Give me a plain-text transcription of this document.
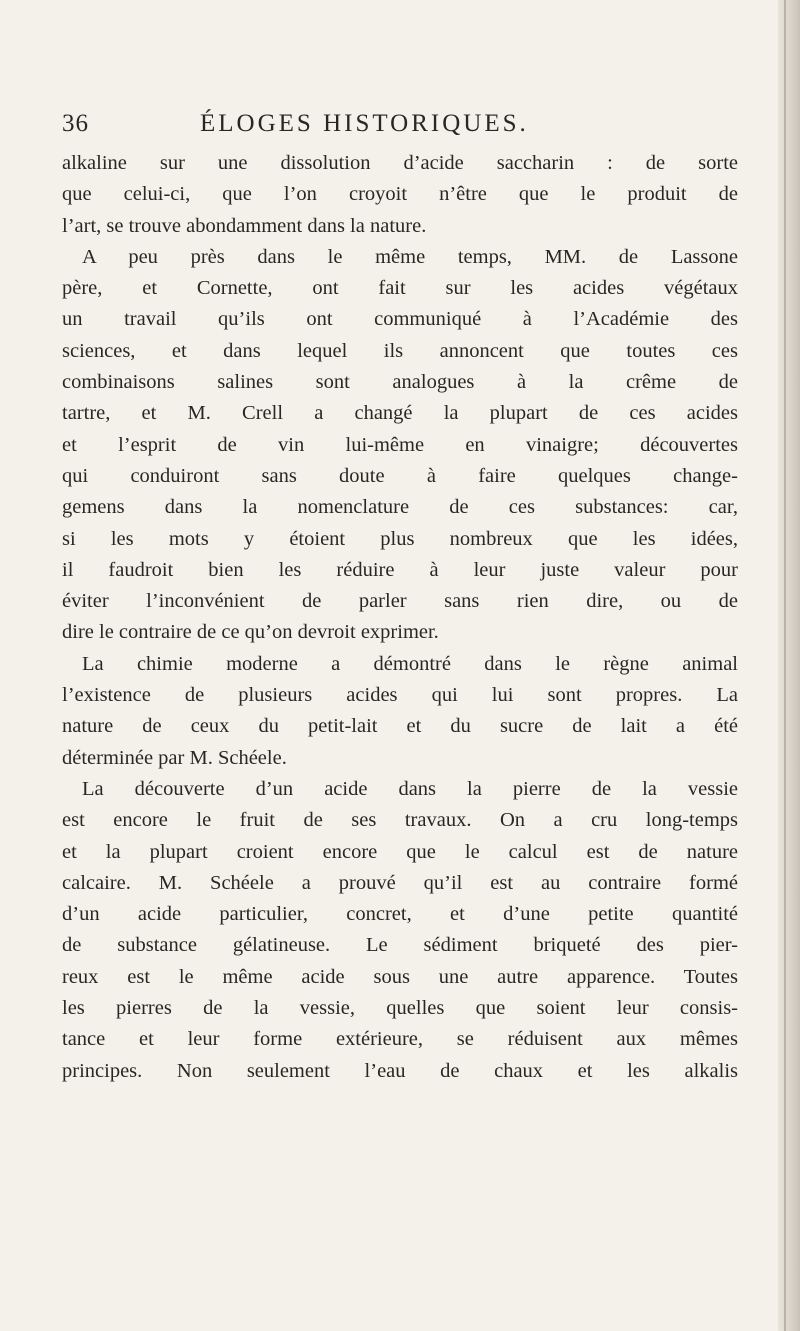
36	ÉLOGES HISTORIQUES.
alkaline sur une dissolution d’acide saccharin : de sorte
que celui-ci, que l’on croyoit n’être que le produit de
l’art, se trouve abondamment dans la nature.
A peu près dans le même temps, MM. de Lassone
père, et Cornette, ont fait sur les acides végétaux
un travail qu’ils ont communiqué à l’Académie des
sciences, et dans lequel ils annoncent que toutes ces
combinaisons salines sont analogues à la crême de
tartre, et M. Crell a changé la plupart de ces acides
et l’esprit de vin lui-même en vinaigre; découvertes
qui conduiront sans doute à faire quelques change-
gemens dans la nomenclature de ces substances: car,
si les mots y étoient plus nombreux que les idées,
il faudroit bien les réduire à leur juste valeur pour
éviter l’inconvénient de parler sans rien dire, ou de
dire le contraire de ce qu’on devroit exprimer.
La chimie moderne a démontré dans le règne animal
l’existence de plusieurs acides qui lui sont propres. La
nature de ceux du petit-lait et du sucre de lait a été
déterminée par M. Schéele.
La découverte d’un acide dans la pierre de la vessie
est encore le fruit de ses travaux. On a cru long-temps
et la plupart croient encore que le calcul est de nature
calcaire. M. Schéele a prouvé qu’il est au contraire formé
d’un acide particulier, concret, et d’une petite quantité
de substance gélatineuse. Le sédiment briqueté des pier-
reux est le même acide sous une autre apparence. Toutes
les pierres de la vessie, quelles que soient leur consis-
tance et leur forme extérieure, se réduisent aux mêmes
principes. Non seulement l’eau de chaux et les alkalis
